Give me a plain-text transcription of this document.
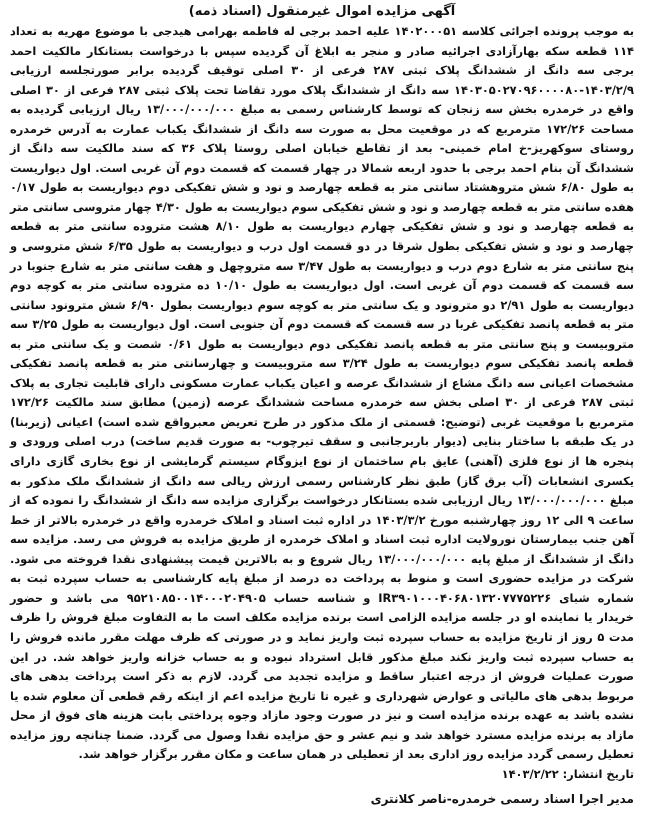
آگهی مزایده اموال غیرمنقول (اسناد ذمه)

به موجب پرونده اجرائی کلاسه ۱۴۰۲۰۰۰۵۱ علیه احمد برجی له فاطمه بهرامی هیدجی با موضوع مهریه به تعداد ۱۱۴ قطعه سکه بهارآزادی اجرائیه صادر و منجر به ابلاغ آن گردیده سپس با درخواست بستانکار مالکیت احمد برجی سه دانگ از ششدانگ پلاک ثبتی ۲۸۷ فرعی از ۳۰ اصلی توقیف گردیده برابر صورتجلسه ارزیابی ۱۴۰۳/۲/۹-۱۴۰۳۰۵۰۲۷۰۹۶۰۰۰۰۸۰ سه دانگ از ششدانگ پلاک مورد تقاضا تحت پلاک ثبتی ۲۸۷ فرعی از ۳۰ اصلی واقع در خرمدره بخش سه زنجان که توسط کارشناس رسمی به مبلغ ۱۳/۰۰۰/۰۰۰/۰۰۰ ریال ارزیابی گردیده به مساحت ۱۷۲/۲۶ مترمربع که در موقعیت محل به صورت سه دانگ از ششدانگ یکباب عمارت به آدرس خرمدره روستای سوکهریز-خ امام خمینی- بعد از تقاطع خیابان اصلی روستا پلاک ۳۶ که سند مالکیت سه دانگ از ششدانگ آن بنام احمد برجی با حدود اربعه شمالا در چهار قسمت که قسمت دوم آن غربی است. اول دیواریست به طول ۶/۸۰ شش متروهشتاد سانتی متر به قطعه چهارصد و نود و شش تفکیکی دوم دیواریست به طول ۰/۱۷ هفده سانتی متر به قطعه چهارصد و نود و شش تفکیکی سوم دیواریست به طول ۴/۳۰ چهار متروسی سانتی متر به قطعه چهارصد و نود و شش تفکیکی چهارم دیواریست به طول ۸/۱۰ هشت متروده سانتی متر به قطعه چهارصد و نود و شش تفکیکی بطول شرقا در دو قسمت اول درب و دیواریست به طول ۶/۳۵ شش متروسی و پنج سانتی متر به شارع دوم درب و دیواریست به طول ۳/۴۷ سه متروچهل و هفت سانتی متر به شارع جنوبا در سه قسمت که قسمت دوم آن غربی است. اول دیواریست به طول ۱۰/۱۰ ده متروده سانتی متر به کوچه دوم دیواریست به طول ۲/۹۱ دو مترونود و یک سانتی متر به کوچه سوم دیواریست بطول ۶/۹۰ شش مترونود سانتی متر به قطعه پانصد تفکیکی غربا در سه قسمت که قسمت دوم آن جنوبی است. اول دیواریست به طول ۳/۲۵ سه متروبیست و پنج سانتی متر به قطعه پانصد تفکیکی دوم دیواریست به طول ۰/۶۱ شصت و یک سانتی متر به قطعه پانصد تفکیکی سوم دیواریست به طول ۳/۲۴ سه متروبیست و چهارسانتی متر به قطعه پانصد تفکیکی مشخصات اعیانی سه دانگ مشاع از ششدانگ عرصه و اعیان یکباب عمارت مسکونی دارای قابلیت تجاری به پلاک ثبتی ۲۸۷ فرعی از ۳۰ اصلی بخش سه خرمدره مساحت ششدانگ عرصه (زمین) مطابق سند مالکیت ۱۷۲/۲۶ مترمربع با موقعیت غربی (توضیح: قسمتی از ملک مذکور در طرح تعریض معبرواقع شده است) اعیانی (زیربنا) در یک طبقه با ساختار بنایی (دیوار باربرجانبی و سقف تیرچوب- به صورت قدیم ساخت) درب اصلی ورودی و پنجره ها از نوع فلزی (آهنی) عایق بام ساختمان از نوع ایزوگام سیستم گرمایشی از نوع بخاری گازی دارای یکسری انشعابات (آب برق گاز) طبق نظر کارشناس رسمی ارزش ریالی سه دانگ از ششدانگ ملک مذکور به مبلغ ۱۳/۰۰۰/۰۰۰/۰۰۰ ریال ارزیابی شده بستانکار درخواست برگزاری مزایده سه دانگ از ششدانگ را نموده که از ساعت ۹ الی ۱۲ روز چهارشنبه مورخ ۱۴۰۳/۳/۲ در اداره ثبت اسناد و املاک خرمدره واقع در خرمدره بالاتر از خط آهن جنب بیمارستان نورولایت اداره ثبت اسناد و املاک خرمدره از طریق مزایده به فروش می رسد. مزایده سه دانگ از ششدانگ از مبلغ پایه ۱۳/۰۰۰/۰۰۰/۰۰۰ ریال شروع و به بالاترین قیمت پیشنهادی نقدا فروخته می شود. شرکت در مزایده حضوری است و منوط به پرداخت ده درصد از مبلغ پایه کارشناسی به حساب سپرده ثبت به شماره شبای IR۳۹۰۱۰۰۰۴۰۶۸۰۱۳۲۰۷۷۷۵۲۲۶ و شناسه حساب ۹۵۲۱۰۸۵۰۰۱۴۰۰۰۲۰۴۹۰۵ می باشد و حضور خریدار یا نماینده او در جلسه مزایده الزامی است برنده مزایده مکلف است ما به التفاوت مبلغ فروش را ظرف مدت ۵ روز از تاریخ مزایده به حساب سپرده ثبت واریز نماید و در صورتی که ظرف مهلت مقرر مانده فروش را به حساب سپرده ثبت واریز نکند مبلغ مذکور قابل استرداد نبوده و به حساب خزانه واریز خواهد شد. در این صورت عملیات فروش از درجه اعتبار ساقط و مزایده تجدید می گردد. لازم به ذکر است پرداخت بدهی های مربوط بدهی های مالیاتی و عوارض شهرداری و غیره تا تاریخ مزایده اعم از اینکه رقم قطعی آن معلوم شده یا نشده باشد به عهده برنده مزایده است و نیز در صورت وجود مازاد وجوه پرداختی بابت هزینه های فوق از محل مازاد به برنده مزایده مسترد خواهد شد و نیم عشر و حق مزایده نقدا وصول می گردد. ضمنا چنانچه روز مزایده تعطیل رسمی گردد مزایده روز اداری بعد از تعطیلی در همان ساعت و مکان مقرر برگزار خواهد شد.

تاریخ انتشار: ۱۴۰۳/۲/۲۲

مدیر اجرا اسناد رسمی خرمدره-ناصر کلانتری
